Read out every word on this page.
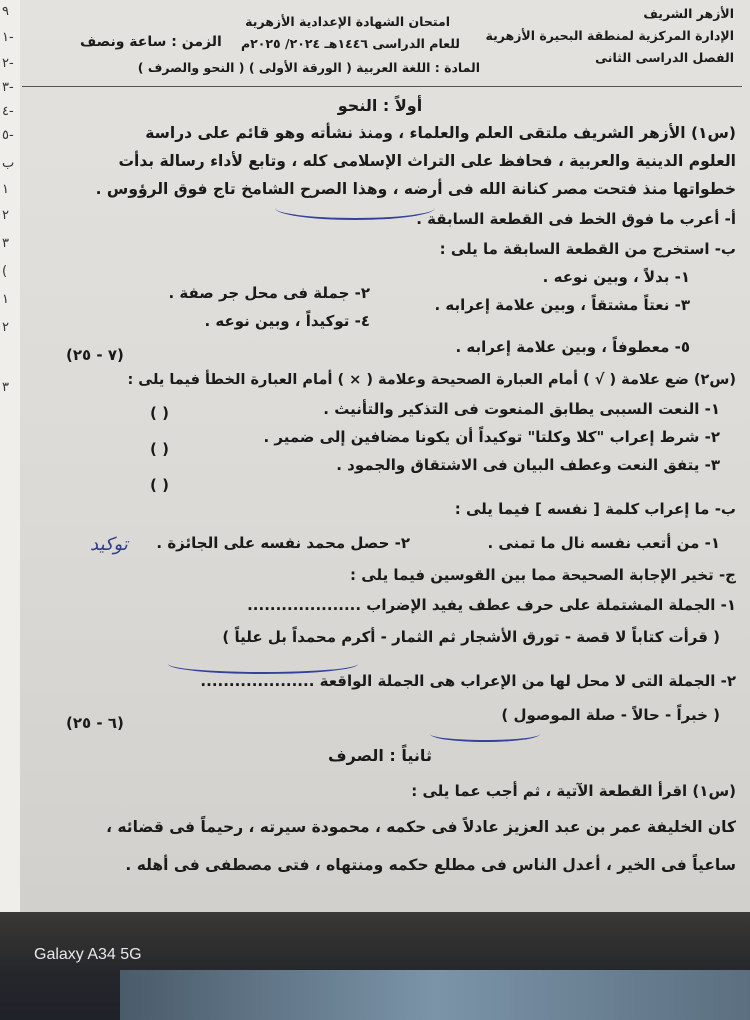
٩
١-
٢-
٣-
٤-
٥-
ب
١
٢
٣
(
١
٢
٣
الأزهر الشريف
الإدارة المركزية لمنطقة البحيرة الأزهرية
الفصل الدراسى الثانى
امتحان الشهادة الإعدادية الأزهرية
للعام الدراسى ١٤٤٦هـ ٢٠٢٤/ ٢٠٢٥م
المادة : اللغة العربية ( الورقة الأولى ) ( النحو والصرف )
الزمن : ساعة ونصف
أولاً : النحو
(س١) الأزهر الشريف ملتقى العلم والعلماء ، ومنذ نشأته وهو قائم على دراسة
العلوم الدينية والعربية ، فحافظ على التراث الإسلامى كله ، وتابع لأداء رسالة بدأت
خطواتها منذ فتحت مصر كنانة الله فى أرضه ، وهذا الصرح الشامخ تاج فوق الرؤوس .
أ- أعرب ما فوق الخط فى القطعة السابقة .
ب- استخرج من القطعة السابقة ما يلى :
١- بدلاً ، وبين نوعه .
٢- جملة فى محل جر صفة .
٣- نعتاً مشتقاً ، وبين علامة إعرابه .
٤- توكيداً ، وبين نوعه .
٥- معطوفاً ، وبين علامة إعرابه .
(٧ - ٢٥)
(س٢) ضع علامة ( √ ) أمام العبارة الصحيحة وعلامة ( × ) أمام العبارة الخطأ فيما يلى :
١- النعت السببى يطابق المنعوت فى التذكير والتأنيث .
( )
٢- شرط إعراب "كلا وكلتا" توكيداً أن يكونا مضافين إلى ضمير .
( )
٣- يتفق النعت وعطف البيان فى الاشتقاق والجمود .
( )
ب- ما إعراب كلمة [ نفسه ] فيما يلى :
١- من أتعب نفسه نال ما تمنى .
٢- حصل محمد نفسه على الجائزة .
توكيد
ج- تخير الإجابة الصحيحة مما بين القوسين فيما يلى :
١- الجملة المشتملة على حرف عطف يفيد الإضراب ....................
( قرأت كتاباً لا قصة - تورق الأشجار ثم الثمار - أكرم محمداً بل علياً )
٢- الجملة التى لا محل لها من الإعراب هى الجملة الواقعة ....................
( خبراً - حالاً - صلة الموصول )
(٦ - ٢٥)
ثانياً : الصرف
(س١) اقرأ القطعة الآتية ، ثم أجب عما يلى :
كان الخليفة عمر بن عبد العزيز عادلاً فى حكمه ، محمودة سيرته ، رحيماً فى قضائه ،
ساعياً فى الخير ، أعدل الناس فى مطلع حكمه ومنتهاه ، فتى مصطفى فى أهله .
Galaxy A34 5G
